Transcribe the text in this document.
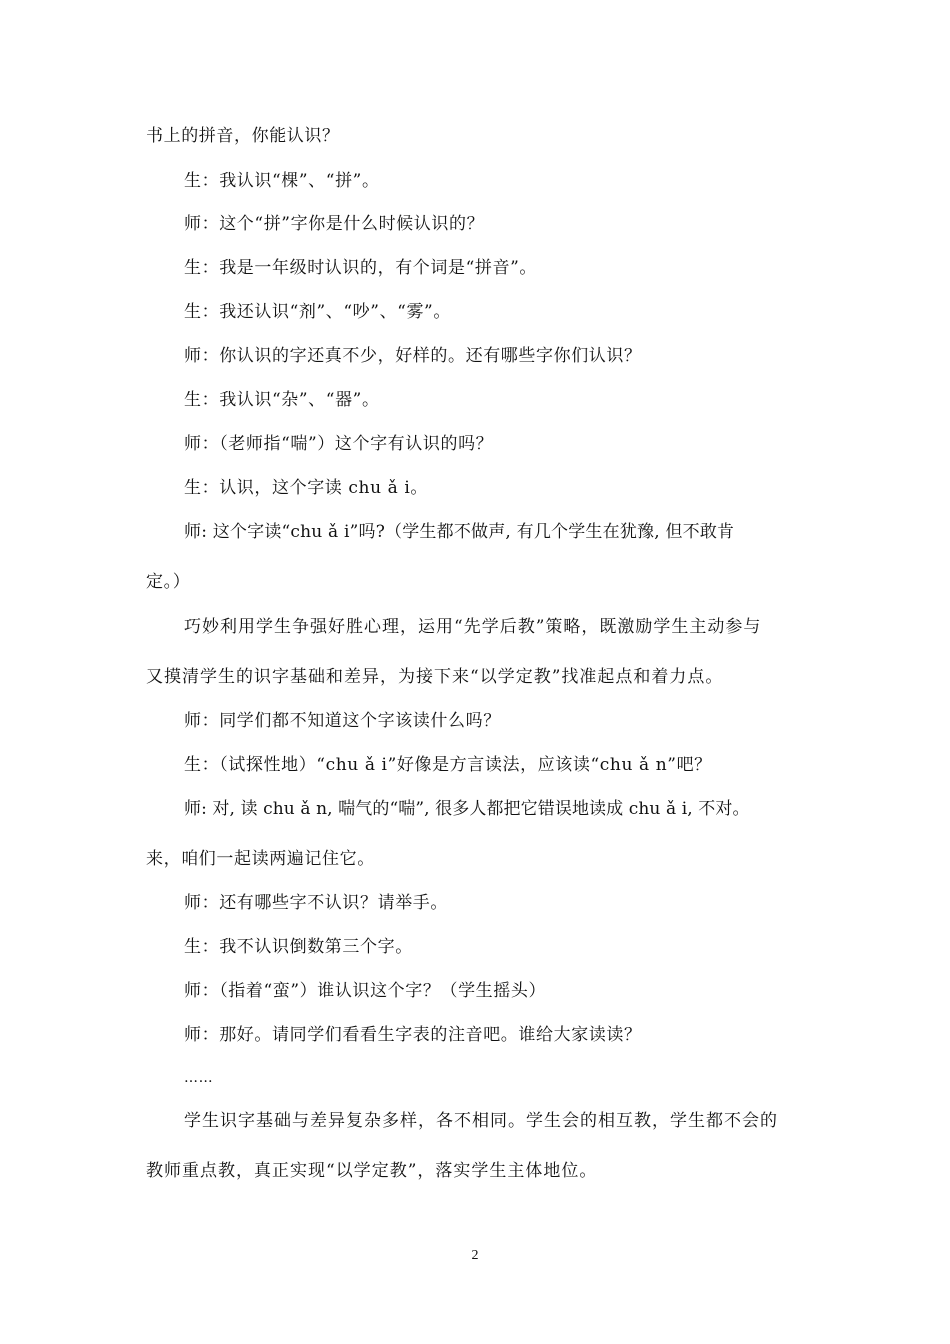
书上的拼音，你能认识？
生：我认识“棵”、“拼”。
师：这个“拼”字你是什么时候认识的？
生：我是一年级时认识的，有个词是“拼音”。
生：我还认识“剂”、“吵”、“雾”。
师：你认识的字还真不少，好样的。还有哪些字你们认识？
生：我认识“杂”、“器”。
师：（老师指“喘”）这个字有认识的吗？
生：认识，这个字读 chu ǎ i。
师: 这个字读“chu ǎ i”吗?（学生都不做声, 有几个学生在犹豫, 但不敢肯
定。）
巧妙利用学生争强好胜心理，运用“先学后教”策略，既激励学生主动参与
又摸清学生的识字基础和差异，为接下来“以学定教”找准起点和着力点。
师：同学们都不知道这个字该读什么吗？
生：（试探性地）“chu ǎ i”好像是方言读法，应该读“chu ǎ n”吧？
师: 对, 读 chu ǎ n, 喘气的“喘”, 很多人都把它错误地读成 chu ǎ i, 不对。
来，咱们一起读两遍记住它。
师：还有哪些字不认识？请举手。
生：我不认识倒数第三个字。
师：（指着“蛮”）谁认识这个字？（学生摇头）
师：那好。请同学们看看生字表的注音吧。谁给大家读读？
……
学生识字基础与差异复杂多样，各不相同。学生会的相互教，学生都不会的
教师重点教，真正实现“以学定教”，落实学生主体地位。
2
